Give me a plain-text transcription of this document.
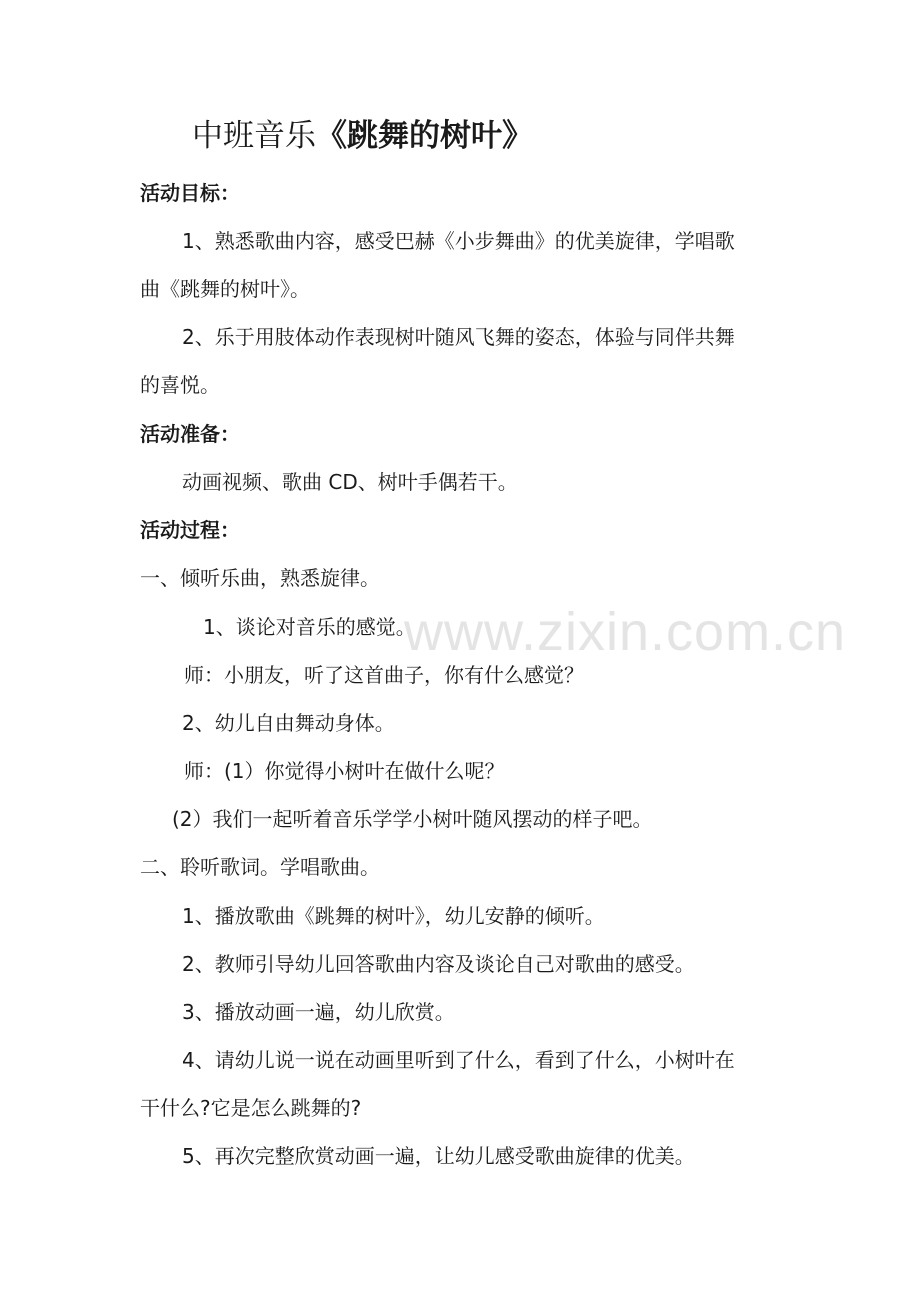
www.zixin.com.cn
中班音乐《跳舞的树叶》
活动目标：
1、熟悉歌曲内容，感受巴赫《小步舞曲》的优美旋律，学唱歌
曲《跳舞的树叶》。
2、乐于用肢体动作表现树叶随风飞舞的姿态，体验与同伴共舞
的喜悦。
活动准备：
动画视频、歌曲 CD、树叶手偶若干。
活动过程：
一、倾听乐曲，熟悉旋律。
1、谈论对音乐的感觉。
师：小朋友，听了这首曲子，你有什么感觉？
2、幼儿自由舞动身体。
师：(1）你觉得小树叶在做什么呢？
(2）我们一起听着音乐学学小树叶随风摆动的样子吧。
二、聆听歌词。学唱歌曲。
1、播放歌曲《跳舞的树叶》，幼儿安静的倾听。
2、教师引导幼儿回答歌曲内容及谈论自己对歌曲的感受。
3、播放动画一遍，幼儿欣赏。
4、请幼儿说一说在动画里听到了什么，看到了什么，小树叶在
干什么?它是怎么跳舞的?
5、再次完整欣赏动画一遍，让幼儿感受歌曲旋律的优美。
